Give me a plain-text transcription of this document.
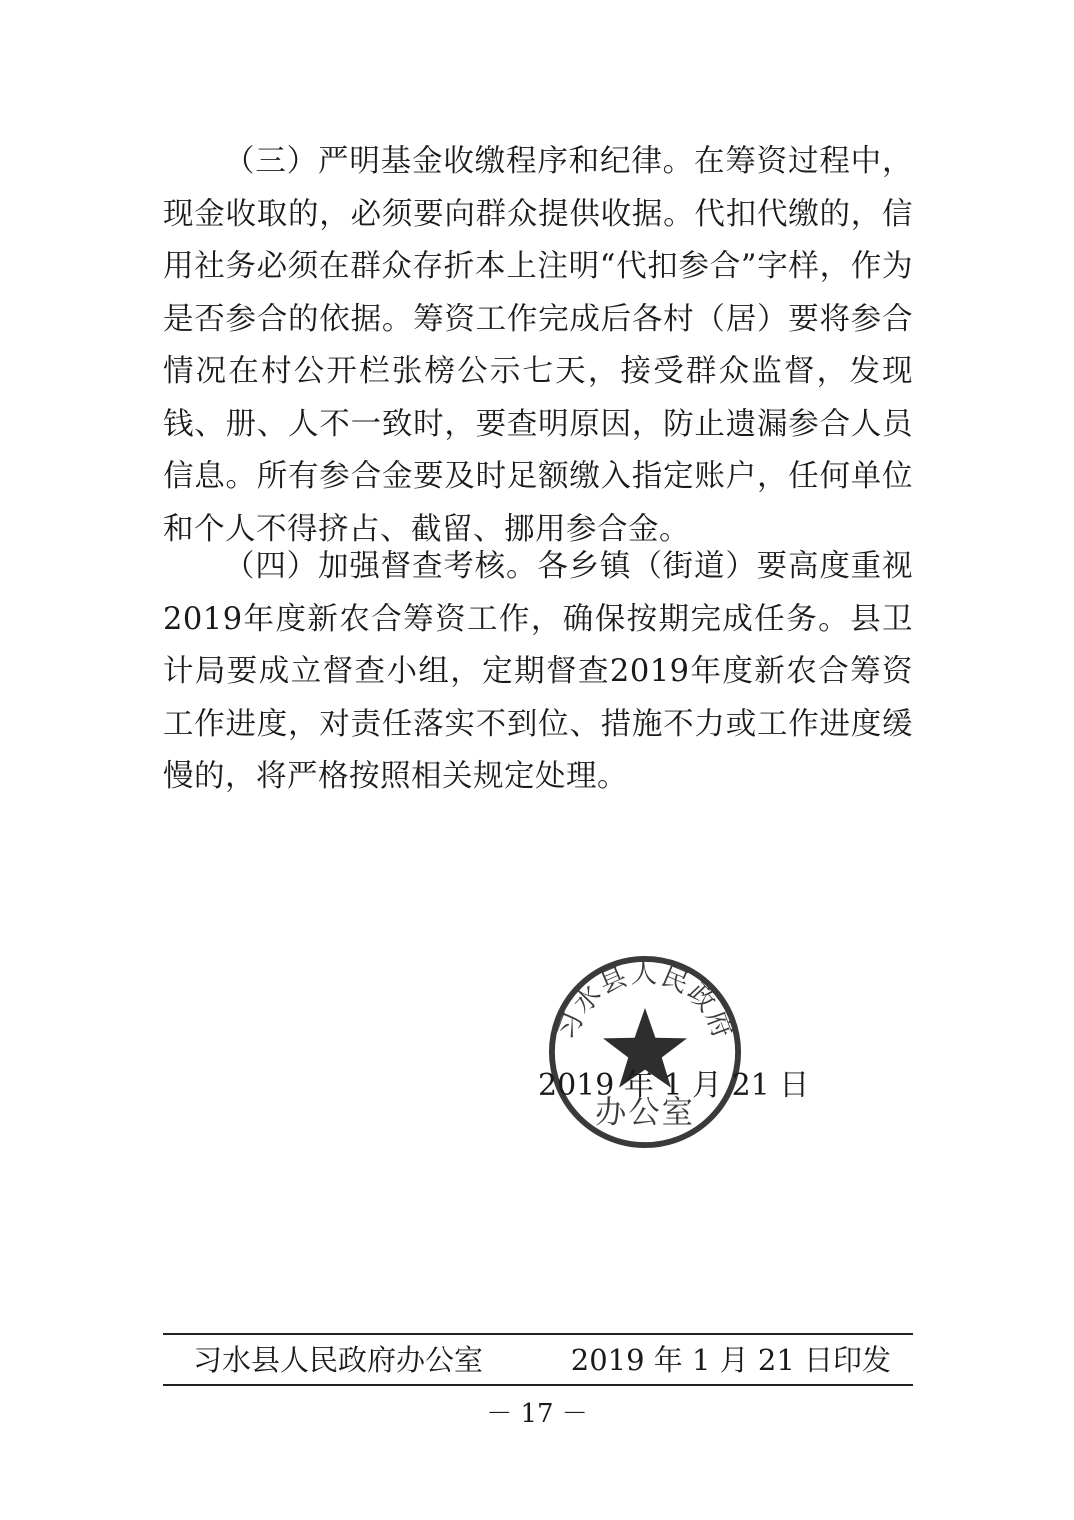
（三）严明基金收缴程序和纪律。在筹资过程中，现金收取的，必须要向群众提供收据。代扣代缴的，信用社务必须在群众存折本上注明“代扣参合”字样，作为是否参合的依据。筹资工作完成后各村（居）要将参合情况在村公开栏张榜公示七天，接受群众监督，发现钱、册、人不一致时，要查明原因，防止遗漏参合人员信息。所有参合金要及时足额缴入指定账户，任何单位和个人不得挤占、截留、挪用参合金。

（四）加强督查考核。各乡镇（街道）要高度重视2019年度新农合筹资工作，确保按期完成任务。县卫计局要成立督查小组，定期督查2019年度新农合筹资工作进度，对责任落实不到位、措施不力或工作进度缓慢的，将严格按照相关规定处理。

习水县人民政府
办公室
2019 年 1 月 21 日
习水县人民政府办公室	2019 年 1 月 21 日印发
－ 17 －
